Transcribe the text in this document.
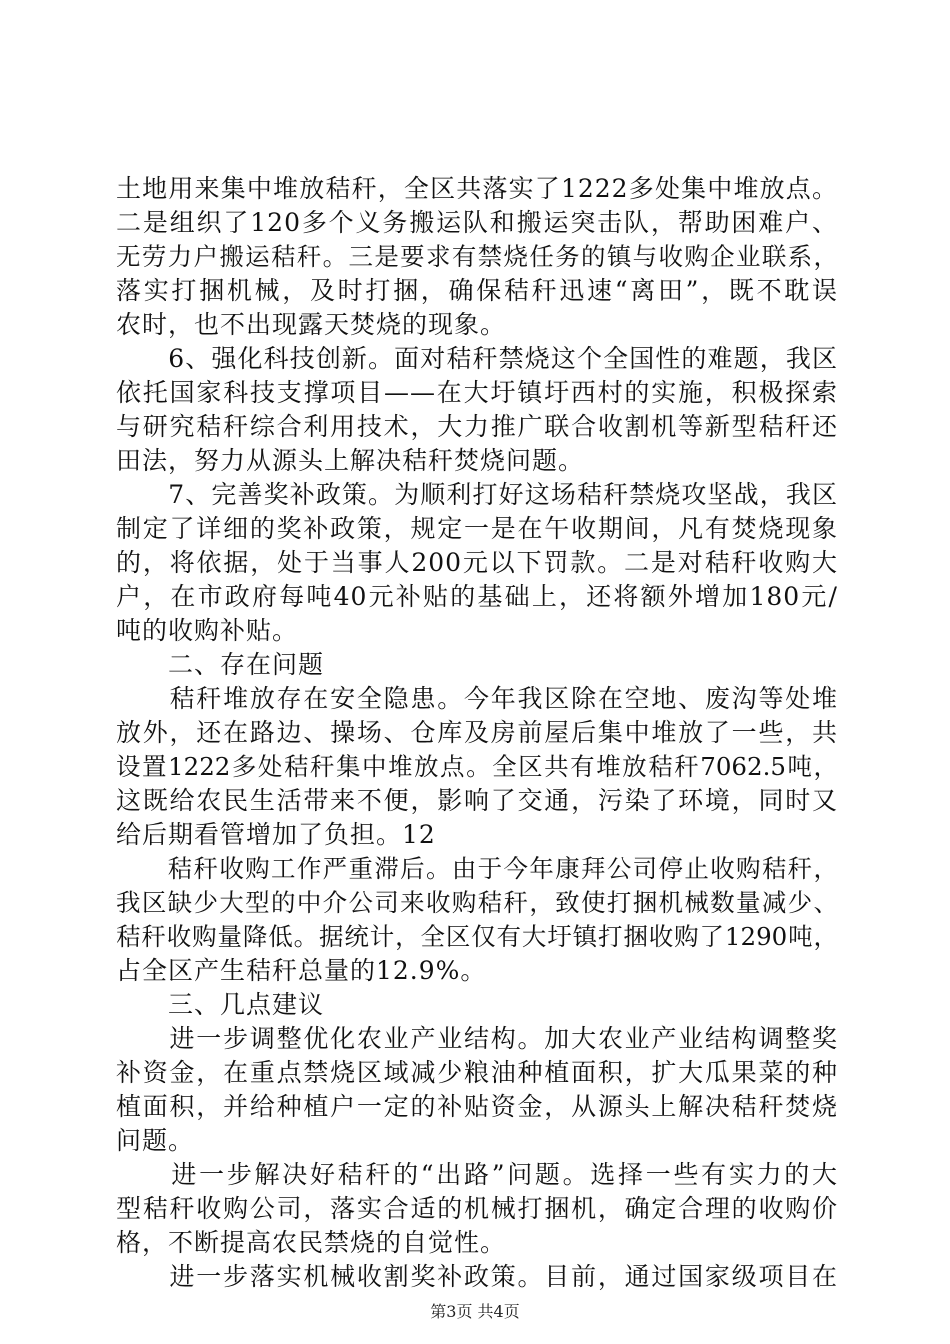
土地用来集中堆放秸秆，全区共落实了1222多处集中堆放点。
二是组织了120多个义务搬运队和搬运突击队，帮助困难户、
无劳力户搬运秸秆。三是要求有禁烧任务的镇与收购企业联系，
落实打捆机械，及时打捆，确保秸秆迅速“离田”，既不耽误
农时，也不出现露天焚烧的现象。
　　6、强化科技创新。面对秸秆禁烧这个全国性的难题，我区
依托国家科技支撑项目——在大圩镇圩西村的实施，积极探索
与研究秸秆综合利用技术，大力推广联合收割机等新型秸秆还
田法，努力从源头上解决秸秆焚烧问题。
　　7、完善奖补政策。为顺利打好这场秸秆禁烧攻坚战，我区
制定了详细的奖补政策，规定一是在午收期间，凡有焚烧现象
的，将依据，处于当事人200元以下罚款。二是对秸秆收购大
户，在市政府每吨40元补贴的基础上，还将额外增加180元/
吨的收购补贴。
　　二、存在问题
　　秸秆堆放存在安全隐患。今年我区除在空地、废沟等处堆
放外，还在路边、操场、仓库及房前屋后集中堆放了一些，共
设置1222多处秸秆集中堆放点。全区共有堆放秸秆7062.5吨，
这既给农民生活带来不便，影响了交通，污染了环境，同时又
给后期看管增加了负担。12
　　秸秆收购工作严重滞后。由于今年康拜公司停止收购秸秆，
我区缺少大型的中介公司来收购秸秆，致使打捆机械数量减少、
秸秆收购量降低。据统计，全区仅有大圩镇打捆收购了1290吨，
占全区产生秸秆总量的12.9%。
　　三、几点建议
　　进一步调整优化农业产业结构。加大农业产业结构调整奖
补资金，在重点禁烧区域减少粮油种植面积，扩大瓜果菜的种
植面积，并给种植户一定的补贴资金，从源头上解决秸秆焚烧
问题。
　　进一步解决好秸秆的“出路”问题。选择一些有实力的大
型秸秆收购公司，落实合适的机械打捆机，确定合理的收购价
格，不断提高农民禁烧的自觉性。
　　进一步落实机械收割奖补政策。目前，通过国家级项目在
第3页 共4页
